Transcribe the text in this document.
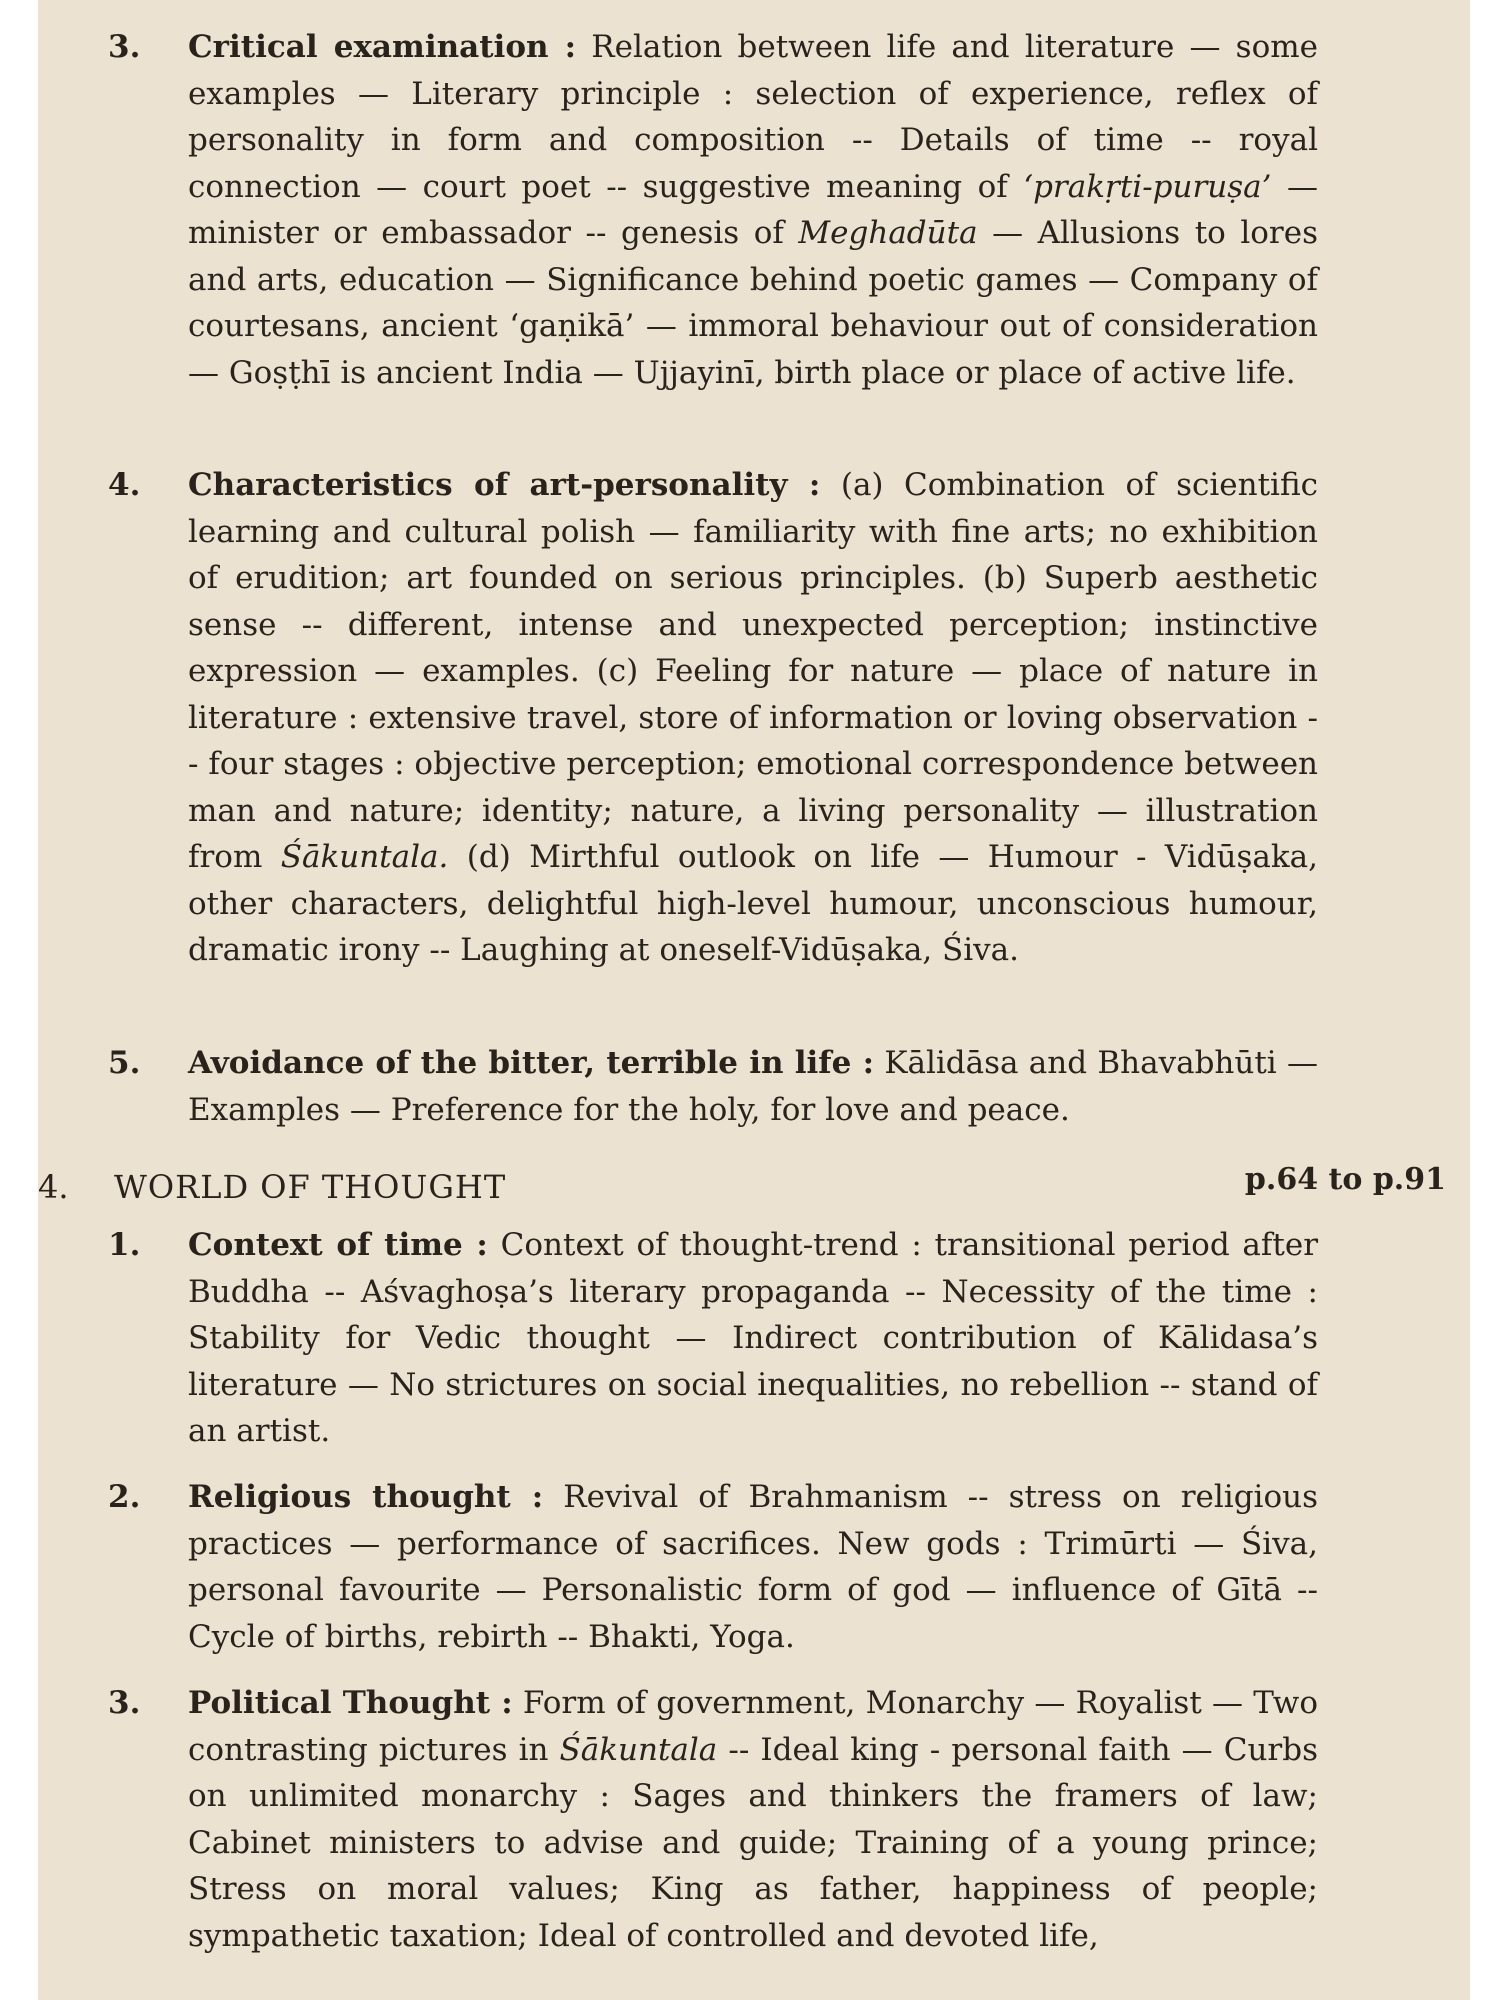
3. Critical examination : Relation between life and literature — some examples — Literary principle : selection of experience, reflex of personality in form and composition -- Details of time -- royal connection — court poet -- suggestive meaning of ‘prakṛti-puruṣa’ — minister or embassador -- genesis of Meghadūta — Allusions to lores and arts, education — Significance behind poetic games — Company of courtesans, ancient ‘gaṇikā’ — immoral behaviour out of consideration — Goṣṭhī is ancient India — Ujjayinī, birth place or place of active life.
4. Characteristics of art-personality : (a) Combination of scientific learning and cultural polish — familiarity with fine arts; no exhibition of erudition; art founded on serious principles. (b) Superb aesthetic sense -- different, intense and unexpected perception; instinctive expression — examples. (c) Feeling for nature — place of nature in literature : extensive travel, store of information or loving observation -- four stages : objective perception; emotional correspondence between man and nature; identity; nature, a living personality — illustration from Śākuntala. (d) Mirthful outlook on life — Humour - Vidūṣaka, other characters, delightful high-level humour, unconscious humour, dramatic irony -- Laughing at oneself-Vidūṣaka, Śiva.
5. Avoidance of the bitter, terrible in life : Kālidāsa and Bhavabhūti — Examples — Preference for the holy, for love and peace.
4. WORLD OF THOUGHT	p.64 to p.91
1. Context of time : Context of thought-trend : transitional period after Buddha -- Aśvaghoṣa’s literary propaganda -- Necessity of the time : Stability for Vedic thought — Indirect contribution of Kālidasa’s literature — No strictures on social inequalities, no rebellion -- stand of an artist.
2. Religious thought : Revival of Brahmanism -- stress on religious practices — performance of sacrifices. New gods : Trimūrti — Śiva, personal favourite — Personalistic form of god — influence of Gītā -- Cycle of births, rebirth -- Bhakti, Yoga.
3. Political Thought : Form of government, Monarchy — Royalist — Two contrasting pictures in Śākuntala -- Ideal king - personal faith — Curbs on unlimited monarchy : Sages and thinkers the framers of law; Cabinet ministers to advise and guide; Training of a young prince; Stress on moral values; King as father, happiness of people; sympathetic taxation; Ideal of controlled and devoted life,
